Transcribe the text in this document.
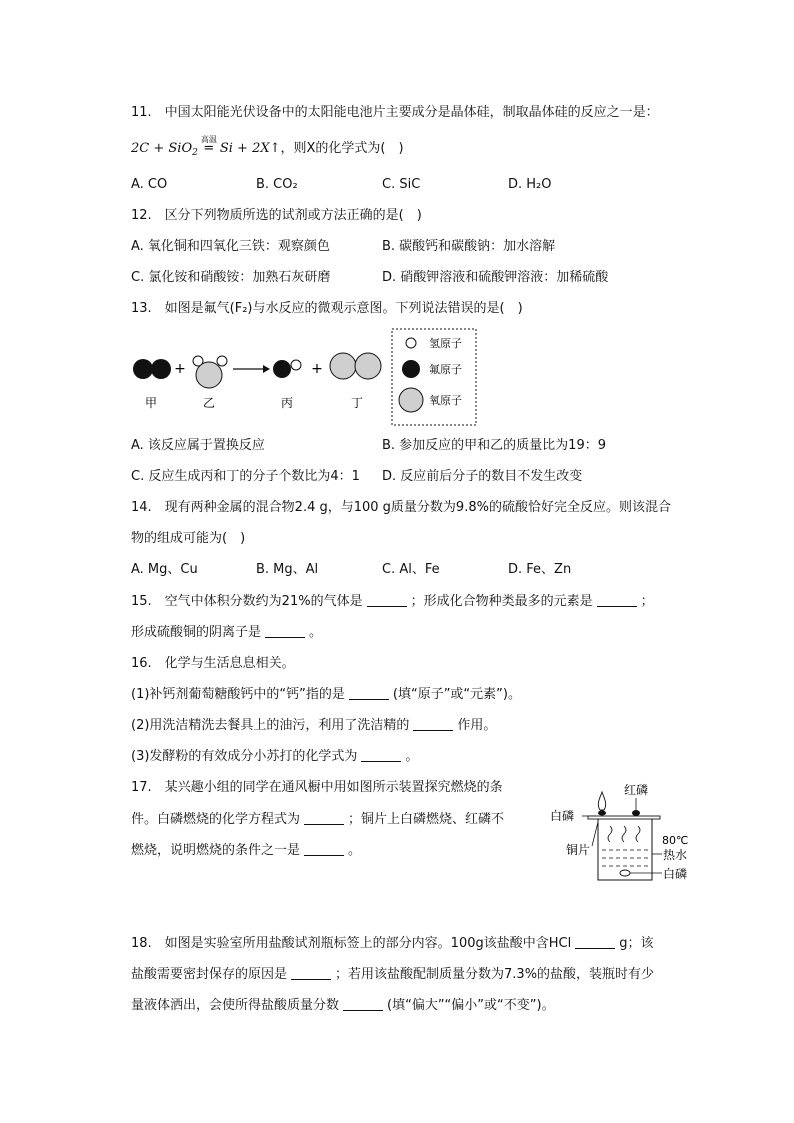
11.　中国太阳能光伏设备中的太阳能电池片主要成分是晶体硅，制取晶体硅的反应之一是：
2C + SiO$_2$
高温
= Si + 2X↑，则X的化学式为(　)
A. CO	B. CO₂	C. SiC	D. H₂O
12.　区分下列物质所选的试剂或方法正确的是(　)
A. 氧化铜和四氧化三铁：观察颜色	B. 碳酸钙和碳酸钠：加水溶解
C. 氯化铵和硝酸铵：加熟石灰研磨	D. 硝酸钾溶液和硫酸钾溶液：加稀硫酸
13.　如图是氟气(F₂)与水反应的微观示意图。下列说法错误的是(　)
+	+
甲	乙	丙	丁
氢原子
氟原子
氧原子
A. 该反应属于置换反应	B. 参加反应的甲和乙的质量比为19：9
C. 反应生成丙和丁的分子个数比为4：1 D. 反应前后分子的数目不发生改变
14.　现有两种金属的混合物2.4 g，与100 g质量分数为9.8%的硫酸恰好完全反应。则该混合
物的组成可能为(　)
A. Mg、Cu	B. Mg、Al	C. Al、Fe	D. Fe、Zn
15.　空气中体积分数约为21%的气体是	；形成化合物种类最多的元素是	；
形成硫酸铜的阴离子是	。
16.　化学与生活息息相关。
(1)补钙剂葡萄糖酸钙中的“钙”指的是	(填“原子”或“元素”)。
(2)用洗洁精洗去餐具上的油污，利用了洗洁精的	作用。
(3)发酵粉的有效成分小苏打的化学式为	。
17.　某兴趣小组的同学在通风橱中用如图所示装置探究燃烧的条
件。白磷燃烧的化学方程式为	；铜片上白磷燃烧、红磷不
燃烧，说明燃烧的条件之一是	。
红磷
白磷
铜片
80℃
热水
白磷
18.　如图是实验室所用盐酸试剂瓶标签上的部分内容。100g该盐酸中含HCl	g；该
盐酸需要密封保存的原因是	；若用该盐酸配制质量分数为7.3%的盐酸，装瓶时有少
量液体洒出，会使所得盐酸质量分数	(填“偏大”“偏小”或“不变”)。
